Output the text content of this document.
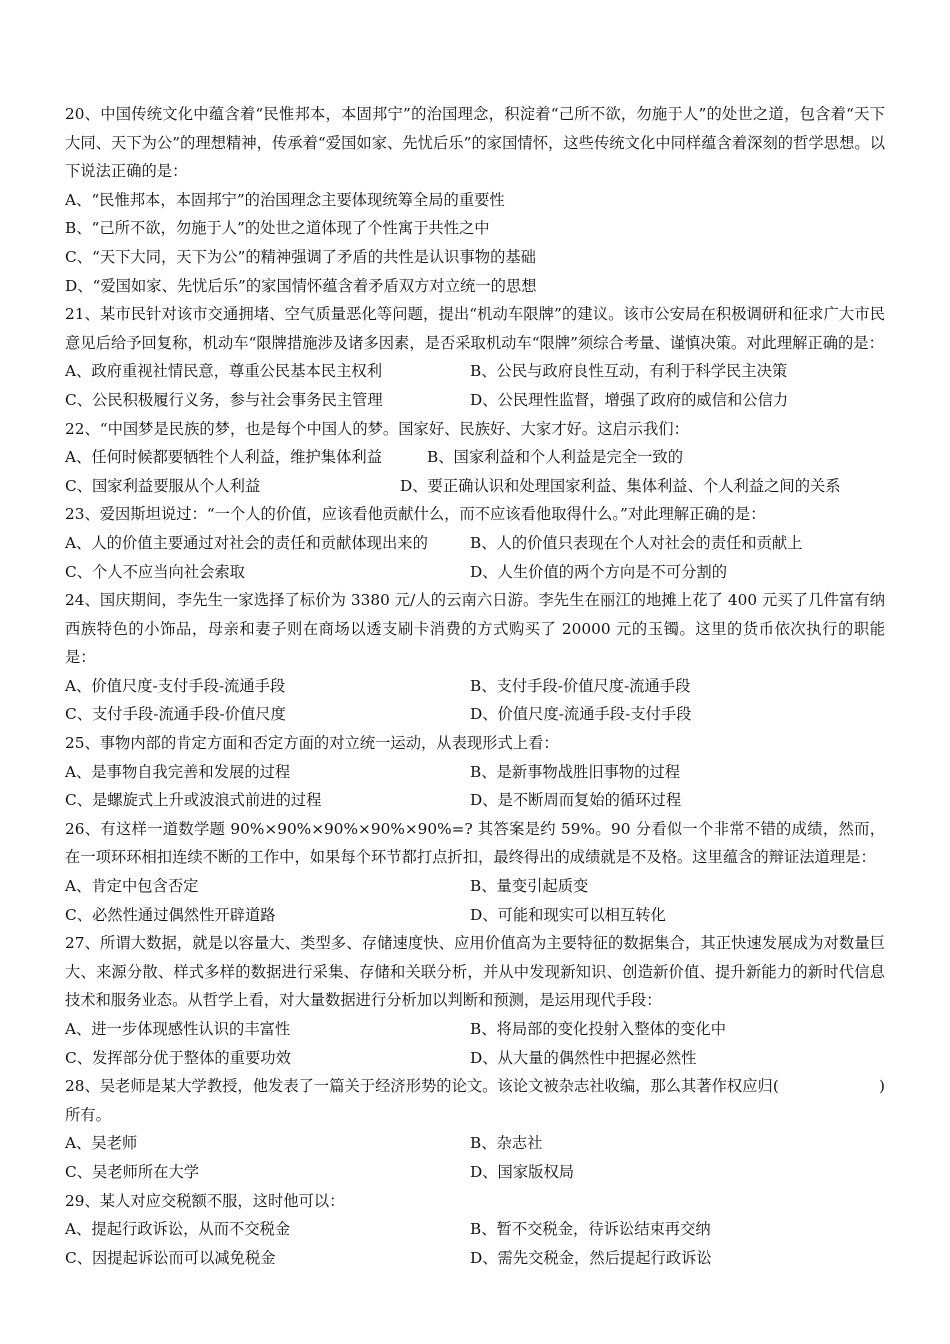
20、中国传统文化中蕴含着“民惟邦本，本固邦宁”的治国理念，积淀着“己所不欲，勿施于人”的处世之道，包含着“天下大同、天下为公”的理想精神，传承着“爱国如家、先忧后乐”的家国情怀，这些传统文化中同样蕴含着深刻的哲学思想。以下说法正确的是：

A、“民惟邦本，本固邦宁”的治国理念主要体现统筹全局的重要性

B、“己所不欲，勿施于人”的处世之道体现了个性寓于共性之中

C、“天下大同，天下为公”的精神强调了矛盾的共性是认识事物的基础

D、“爱国如家、先忧后乐”的家国情怀蕴含着矛盾双方对立统一的思想

21、某市民针对该市交通拥堵、空气质量恶化等问题，提出“机动车限牌”的建议。该市公安局在积极调研和征求广大市民意见后给予回复称，机动车“限牌措施涉及诸多因素，是否采取机动车“限牌”须综合考量、谨慎决策。对此理解正确的是：

A、政府重视社情民意，尊重公民基本民主权利	B、公民与政府良性互动，有利于科学民主决策
C、公民积极履行义务，参与社会事务民主管理	D、公民理性监督，增强了政府的威信和公信力

22、“中国梦是民族的梦，也是每个中国人的梦。国家好、民族好、大家才好。这启示我们：

A、任何时候都要牺牲个人利益，维护集体利益	B、国家利益和个人利益是完全一致的
C、国家利益要服从个人利益	D、要正确认识和处理国家利益、集体利益、个人利益之间的关系

23、爱因斯坦说过：“一个人的价值，应该看他贡献什么，而不应该看他取得什么。”对此理解正确的是：

A、人的价值主要通过对社会的责任和贡献体现出来的	B、人的价值只表现在个人对社会的责任和贡献上
C、个人不应当向社会索取	D、人生价值的两个方向是不可分割的

24、国庆期间，李先生一家选择了标价为 3380 元/人的云南六日游。李先生在丽江的地摊上花了 400 元买了几件富有纳西族特色的小饰品，母亲和妻子则在商场以透支刷卡消费的方式购买了 20000 元的玉镯。这里的货币依次执行的职能是：

A、价值尺度-支付手段-流通手段	B、支付手段-价值尺度-流通手段
C、支付手段-流通手段-价值尺度	D、价值尺度-流通手段-支付手段

25、事物内部的肯定方面和否定方面的对立统一运动，从表现形式上看：

A、是事物自我完善和发展的过程	B、是新事物战胜旧事物的过程
C、是螺旋式上升或波浪式前进的过程	D、是不断周而复始的循环过程

26、有这样一道数学题 90%×90%×90%×90%×90%=? 其答案是约 59%。90 分看似一个非常不错的成绩，然而，在一项环环相扣连续不断的工作中，如果每个环节都打点折扣，最终得出的成绩就是不及格。这里蕴含的辩证法道理是：

A、肯定中包含否定	B、量变引起质变
C、必然性通过偶然性开辟道路	D、可能和现实可以相互转化

27、所谓大数据，就是以容量大、类型多、存储速度快、应用价值高为主要特征的数据集合，其正快速发展成为对数量巨大、来源分散、样式多样的数据进行采集、存储和关联分析，并从中发现新知识、创造新价值、提升新能力的新时代信息技术和服务业态。从哲学上看，对大量数据进行分析加以判断和预测，是运用现代手段：

A、进一步体现感性认识的丰富性	B、将局部的变化投射入整体的变化中
C、发挥部分优于整体的重要功效	D、从大量的偶然性中把握必然性
28、吴老师是某大学教授，他发表了一篇关于经济形势的论文。该论文被杂志社收编，那么其著作权应归(	)

所有。

A、吴老师	B、杂志社
C、吴老师所在大学	D、国家版权局

29、某人对应交税额不服，这时他可以：

A、提起行政诉讼，从而不交税金	B、暂不交税金，待诉讼结束再交纳
C、因提起诉讼而可以减免税金	D、需先交税金，然后提起行政诉讼
